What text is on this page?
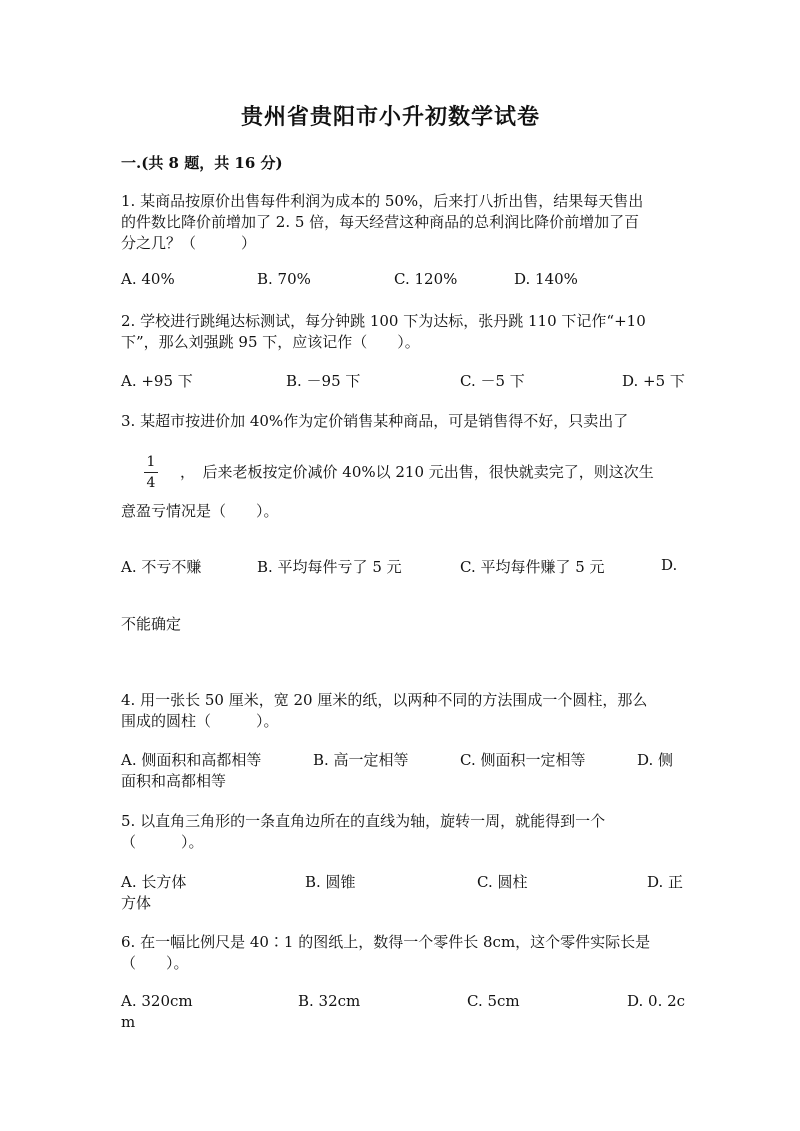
贵州省贵阳市小升初数学试卷
一.(共 8 题，共 16 分)
1. 某商品按原价出售每件利润为成本的 50%，后来打八折出售，结果每天售出
的件数比降价前增加了 2. 5 倍，每天经营这种商品的总利润比降价前增加了百
分之几？（　　　）
A. 40%	B. 70%	C. 120%	D. 140%
2. 学校进行跳绳达标测试，每分钟跳 100 下为达标，张丹跳 110 下记作“+10
下”，那么刘强跳 95 下，应该记作（　　）。
A. +95 下	B. －95 下	C. －5 下	D. +5 下
3. 某超市按进价加 40%作为定价销售某种商品，可是销售得不好，只卖出了
1
4
，　后来老板按定价减价 40%以 210 元出售，很快就卖完了，则这次生
意盈亏情况是（　　）。
A. 不亏不赚	B. 平均每件亏了 5 元	C. 平均每件赚了 5 元	D.
不能确定
4. 用一张长 50 厘米，宽 20 厘米的纸，以两种不同的方法围成一个圆柱，那么
围成的圆柱（　　　）。
A. 侧面积和高都相等	B. 高一定相等	C. 侧面积一定相等	D. 侧
面积和高都相等
5. 以直角三角形的一条直角边所在的直线为轴，旋转一周，就能得到一个
（　　　）。
A. 长方体	B. 圆锥	C. 圆柱	D. 正
方体
6. 在一幅比例尺是 40∶1 的图纸上，数得一个零件长 8cm，这个零件实际长是
（　　）。
A. 320cm	B. 32cm	C. 5cm	D. 0. 2c
m
